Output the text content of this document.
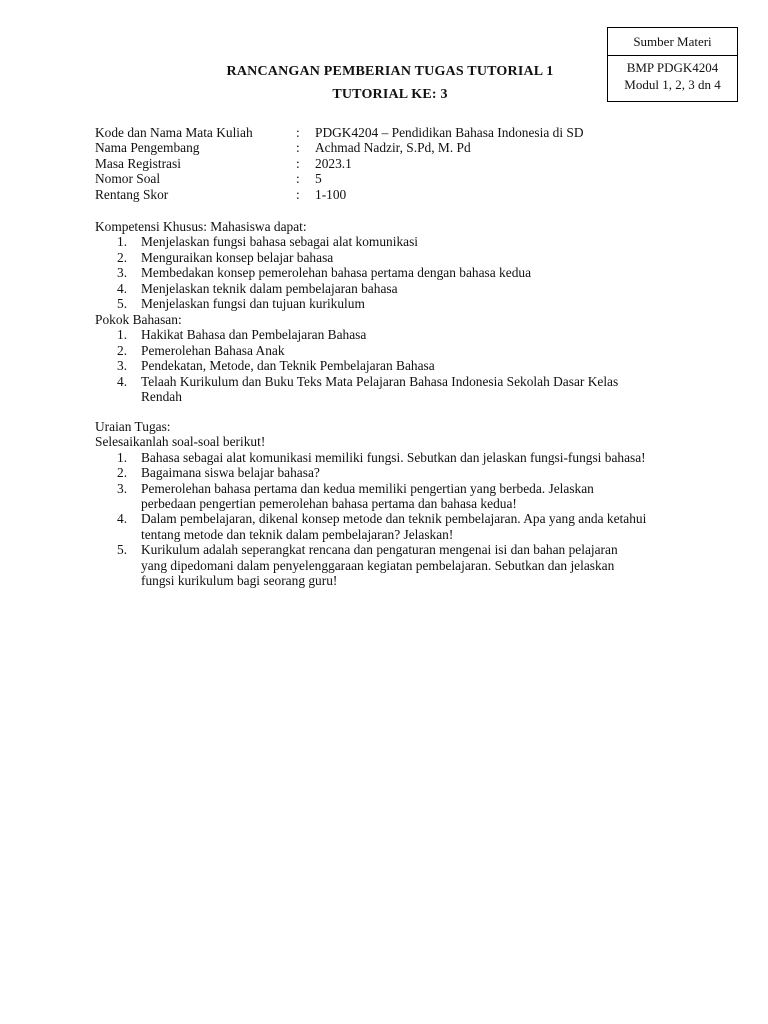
Sumber Materi
BMP PDGK4204
Modul 1, 2, 3 dn 4
RANCANGAN PEMBERIAN TUGAS TUTORIAL 1
TUTORIAL KE: 3
Kode dan Nama Mata Kuliah	:	PDGK4204 – Pendidikan Bahasa Indonesia di SD
Nama Pengembang	:	Achmad Nadzir, S.Pd, M. Pd
Masa Registrasi	:	2023.1
Nomor Soal	:	5
Rentang Skor	:	1-100

Kompetensi Khusus: Mahasiswa dapat:

1. Menjelaskan fungsi bahasa sebagai alat komunikasi
2. Menguraikan konsep belajar bahasa
3. Membedakan konsep pemerolehan bahasa pertama dengan bahasa kedua
4. Menjelaskan teknik dalam pembelajaran bahasa
5. Menjelaskan fungsi dan tujuan kurikulum

Pokok Bahasan:

1. Hakikat Bahasa dan Pembelajaran Bahasa
2. Pemerolehan Bahasa Anak
3. Pendekatan, Metode, dan Teknik Pembelajaran Bahasa
4. Telaah Kurikulum dan Buku Teks Mata Pelajaran Bahasa Indonesia Sekolah Dasar Kelas Rendah

Uraian Tugas:

Selesaikanlah soal-soal berikut!

1. Bahasa sebagai alat komunikasi memiliki fungsi. Sebutkan dan jelaskan fungsi-fungsi bahasa!
2. Bagaimana siswa belajar bahasa?
3. Pemerolehan bahasa pertama dan kedua memiliki pengertian yang berbeda. Jelaskan perbedaan pengertian pemerolehan bahasa pertama dan bahasa kedua!
4. Dalam pembelajaran, dikenal konsep metode dan teknik pembelajaran. Apa yang anda ketahui tentang metode dan teknik dalam pembelajaran? Jelaskan!
5. Kurikulum adalah seperangkat rencana dan pengaturan mengenai isi dan bahan pelajaran yang dipedomani dalam penyelenggaraan kegiatan pembelajaran. Sebutkan dan jelaskan fungsi kurikulum bagi seorang guru!
